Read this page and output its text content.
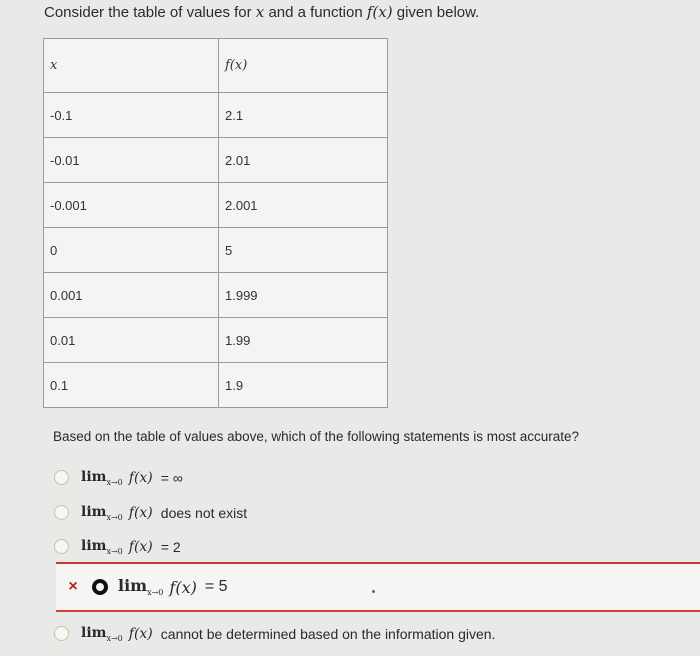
Consider the table of values for x and a function f(x) given below.
x	f(x)
-0.1	2.1
-0.01	2.01
-0.001	2.001
0	5
0.001	1.999
0.01	1.99
0.1	1.9
Based on the table of values above, which of the following statements is most accurate?
$\lim_{x\to 0} f(x)$ = ∞
$\lim_{x\to 0} f(x)$ does not exist
$\lim_{x\to 0} f(x) = 2$
×	$\lim_{x\to 0} f(x) = 5$
$\lim_{x\to 0} f(x)$ cannot be determined based on the information given.
